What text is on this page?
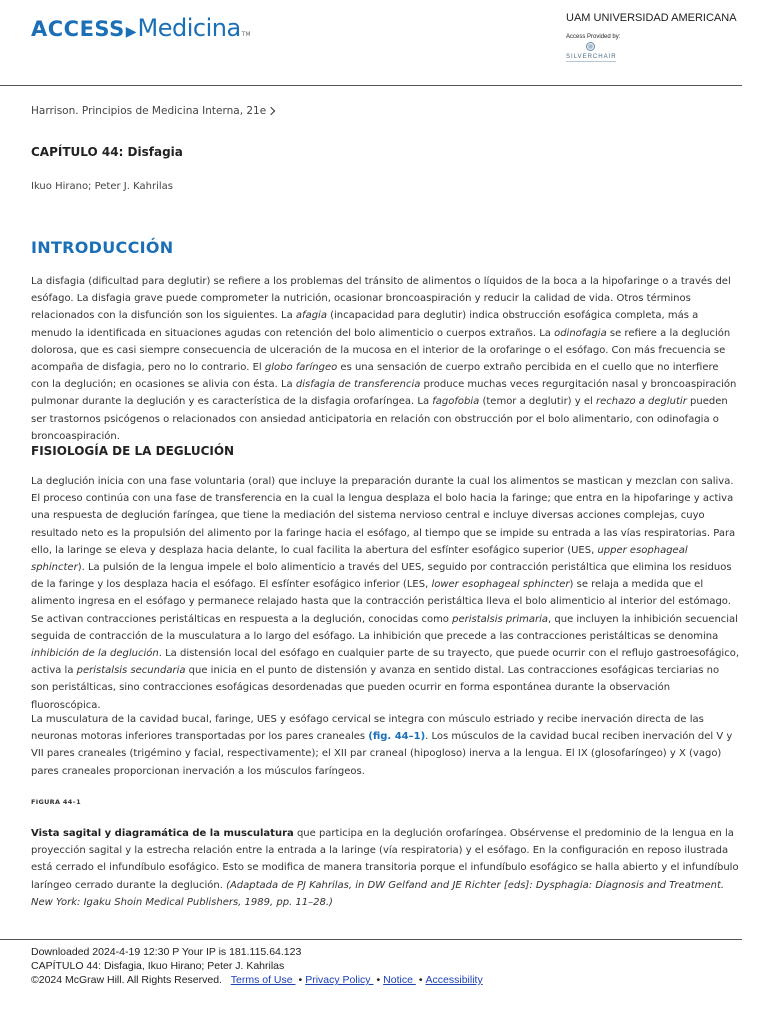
ACCESS ▶ Medicina TM
UAM UNIVERSIDAD AMERICANA
Access Provided by:
SILVERCHAIR
Harrison. Principios de Medicina Interna, 21e
CAPÍTULO 44: Disfagia
Ikuo Hirano; Peter J. Kahrilas
INTRODUCCIÓN

La disfagia (dificultad para deglutir) se refiere a los problemas del tránsito de alimentos o líquidos de la boca a la hipofaringe o a través del esófago. La disfagia grave puede comprometer la nutrición, ocasionar broncoaspiración y reducir la calidad de vida. Otros términos relacionados con la disfunción son los siguientes. La afagia (incapacidad para deglutir) indica obstrucción esofágica completa, más a menudo la identificada en situaciones agudas con retención del bolo alimenticio o cuerpos extraños. La odinofagia se refiere a la deglución dolorosa, que es casi siempre consecuencia de ulceración de la mucosa en el interior de la orofaringe o el esófago. Con más frecuencia se acompaña de disfagia, pero no lo contrario. El globo faríngeo es una sensación de cuerpo extraño percibida en el cuello que no interfiere con la deglución; en ocasiones se alivia con ésta. La disfagia de transferencia produce muchas veces regurgitación nasal y broncoaspiración pulmonar durante la deglución y es característica de la disfagia orofaríngea. La fagofobia (temor a deglutir) y el rechazo a deglutir pueden ser trastornos psicógenos o relacionados con ansiedad anticipatoria en relación con obstrucción por el bolo alimentario, con odinofagia o broncoaspiración.

FISIOLOGÍA DE LA DEGLUCIÓN

La deglución inicia con una fase voluntaria (oral) que incluye la preparación durante la cual los alimentos se mastican y mezclan con saliva. El proceso continúa con una fase de transferencia en la cual la lengua desplaza el bolo hacia la faringe; que entra en la hipofaringe y activa una respuesta de deglución faríngea, que tiene la mediación del sistema nervioso central e incluye diversas acciones complejas, cuyo resultado neto es la propulsión del alimento por la faringe hacia el esófago, al tiempo que se impide su entrada a las vías respiratorias. Para ello, la laringe se eleva y desplaza hacia delante, lo cual facilita la abertura del esfínter esofágico superior (UES, upper esophageal sphincter). La pulsión de la lengua impele el bolo alimenticio a través del UES, seguido por contracción peristáltica que elimina los residuos de la faringe y los desplaza hacia el esófago. El esfínter esofágico inferior (LES, lower esophageal sphincter) se relaja a medida que el alimento ingresa en el esófago y permanece relajado hasta que la contracción peristáltica lleva el bolo alimenticio al interior del estómago. Se activan contracciones peristálticas en respuesta a la deglución, conocidas como peristalsis primaria, que incluyen la inhibición secuencial seguida de contracción de la musculatura a lo largo del esófago. La inhibición que precede a las contracciones peristálticas se denomina inhibición de la deglución. La distensión local del esófago en cualquier parte de su trayecto, que puede ocurrir con el reflujo gastroesofágico, activa la peristalsis secundaria que inicia en el punto de distensión y avanza en sentido distal. Las contracciones esofágicas terciarias no son peristálticas, sino contracciones esofágicas desordenadas que pueden ocurrir en forma espontánea durante la observación fluoroscópica.

La musculatura de la cavidad bucal, faringe, UES y esófago cervical se integra con músculo estriado y recibe inervación directa de las neuronas motoras inferiores transportadas por los pares craneales (fig. 44–1). Los músculos de la cavidad bucal reciben inervación del V y VII pares craneales (trigémino y facial, respectivamente); el XII par craneal (hipogloso) inerva a la lengua. El IX (glosofaríngeo) y X (vago) pares craneales proporcionan inervación a los músculos faríngeos.

FIGURA 44–1

Vista sagital y diagramática de la musculatura que participa en la deglución orofaríngea. Obsérvense el predominio de la lengua en la proyección sagital y la estrecha relación entre la entrada a la laringe (vía respiratoria) y el esófago. En la configuración en reposo ilustrada está cerrado el infundíbulo esofágico. Esto se modifica de manera transitoria porque el infundíbulo esofágico se halla abierto y el infundíbulo laríngeo cerrado durante la deglución. (Adaptada de PJ Kahrilas, in DW Gelfand and JE Richter [eds]: Dysphagia: Diagnosis and Treatment. New York: Igaku Shoin Medical Publishers, 1989, pp. 11–28.)

Downloaded 2024-4-19 12:30 P Your IP is 181.115.64.123
CAPÍTULO 44: Disfagia, Ikuo Hirano; Peter J. Kahrilas
©2024 McGraw Hill. All Rights Reserved. Terms of Use • Privacy Policy • Notice • Accessibility
